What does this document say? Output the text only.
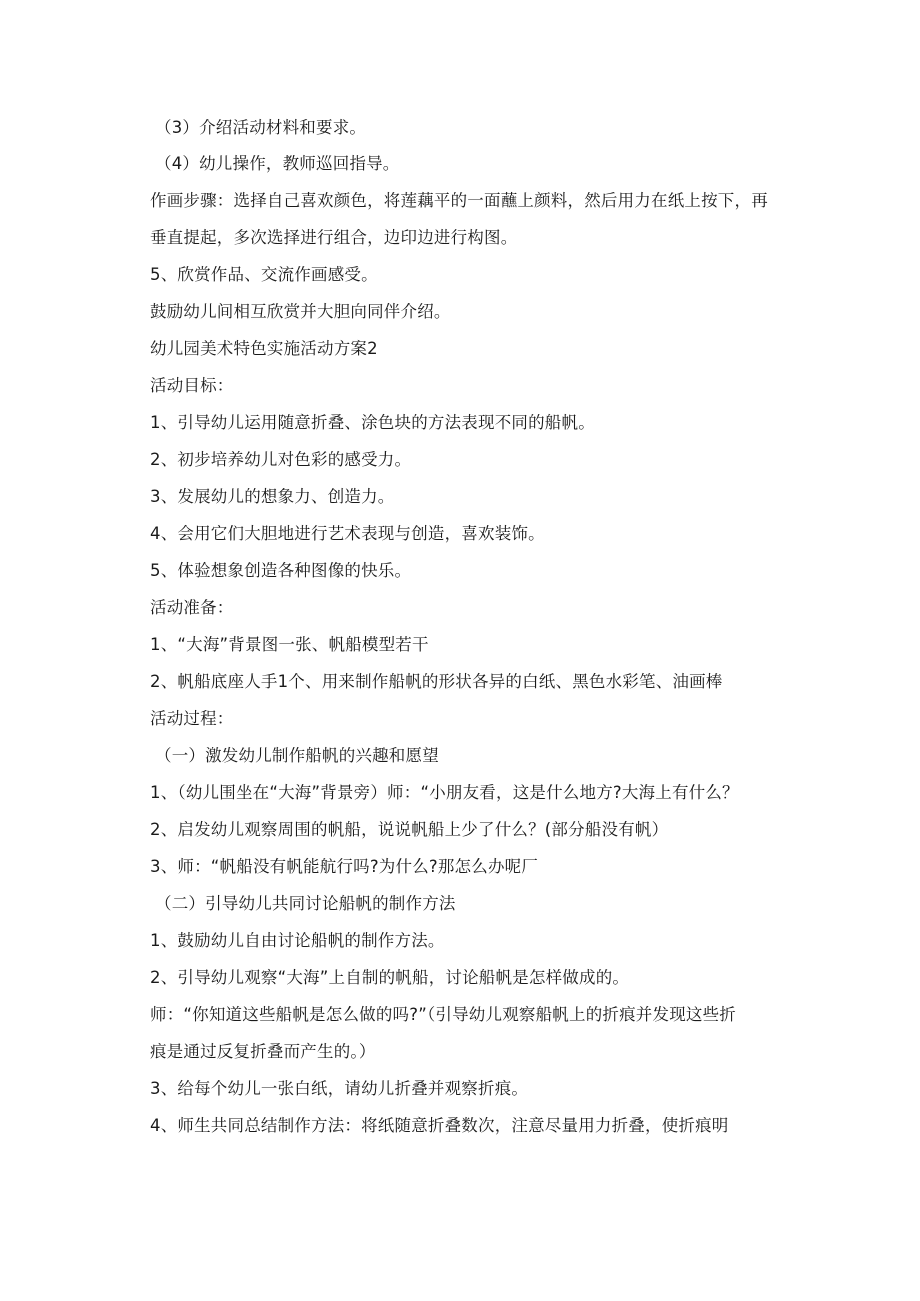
（3）介绍活动材料和要求。
（4）幼儿操作，教师巡回指导。
作画步骤：选择自己喜欢颜色，将莲藕平的一面蘸上颜料，然后用力在纸上按下，再
垂直提起，多次选择进行组合，边印边进行构图。
5、欣赏作品、交流作画感受。
鼓励幼儿间相互欣赏并大胆向同伴介绍。
幼儿园美术特色实施活动方案2
活动目标：
1、引导幼儿运用随意折叠、涂色块的方法表现不同的船帆。
2、初步培养幼儿对色彩的感受力。
3、发展幼儿的想象力、创造力。
4、会用它们大胆地进行艺术表现与创造，喜欢装饰。
5、体验想象创造各种图像的快乐。
活动准备：
1、“大海”背景图一张、帆船模型若干
2、帆船底座人手1个、用来制作船帆的形状各异的白纸、黑色水彩笔、油画棒
活动过程：
（一）激发幼儿制作船帆的兴趣和愿望
1、（幼儿围坐在“大海”背景旁）师：“小朋友看，这是什么地方?大海上有什么？
2、启发幼儿观察周围的帆船，说说帆船上少了什么？(部分船没有帆）
3、师：“帆船没有帆能航行吗?为什么?那怎么办呢厂
（二）引导幼儿共同讨论船帆的制作方法
1、鼓励幼儿自由讨论船帆的制作方法。
2、引导幼儿观察“大海”上自制的帆船，讨论船帆是怎样做成的。
师：“你知道这些船帆是怎么做的吗?”（引导幼儿观察船帆上的折痕并发现这些折
痕是通过反复折叠而产生的。）
3、给每个幼儿一张白纸，请幼儿折叠并观察折痕。
4、师生共同总结制作方法：将纸随意折叠数次，注意尽量用力折叠，使折痕明
